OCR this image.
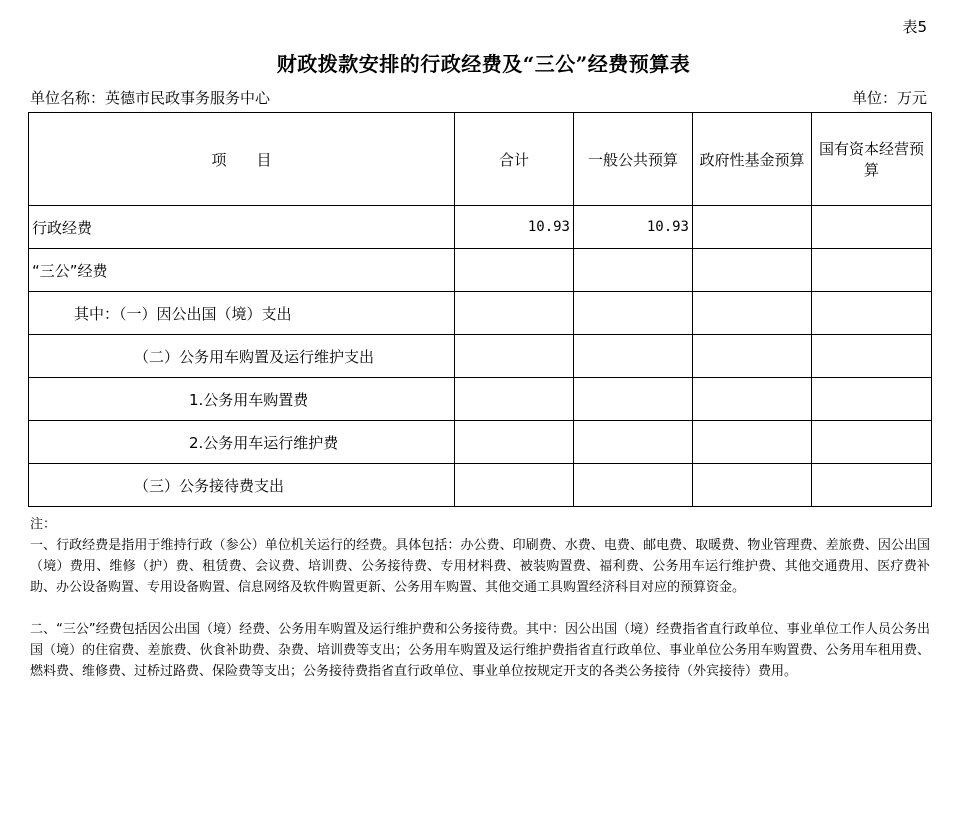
表5
财政拨款安排的行政经费及“三公”经费预算表
单位名称：英德市民政事务服务中心	单位：万元
项　　目	合计	一般公共预算	政府性基金预算	国有资本经营预算
行政经费	10.93	10.93		
“三公”经费				
其中：（一）因公出国（境）支出				
（二）公务用车购置及运行维护支出				
1.公务用车购置费				
2.公务用车运行维护费				
（三）公务接待费支出				

注：

一、行政经费是指用于维持行政（参公）单位机关运行的经费。具体包括：办公费、印刷费、水费、电费、邮电费、取暖费、物业管理费、差旅费、因公出国（境）费用、维修（护）费、租赁费、会议费、培训费、公务接待费、专用材料费、被装购置费、福利费、公务用车运行维护费、其他交通费用、医疗费补助、办公设备购置、专用设备购置、信息网络及软件购置更新、公务用车购置、其他交通工具购置经济科目对应的预算资金。

二、“三公”经费包括因公出国（境）经费、公务用车购置及运行维护费和公务接待费。其中：因公出国（境）经费指省直行政单位、事业单位工作人员公务出国（境）的住宿费、差旅费、伙食补助费、杂费、培训费等支出；公务用车购置及运行维护费指省直行政单位、事业单位公务用车购置费、公务用车租用费、燃料费、维修费、过桥过路费、保险费等支出；公务接待费指省直行政单位、事业单位按规定开支的各类公务接待（外宾接待）费用。
